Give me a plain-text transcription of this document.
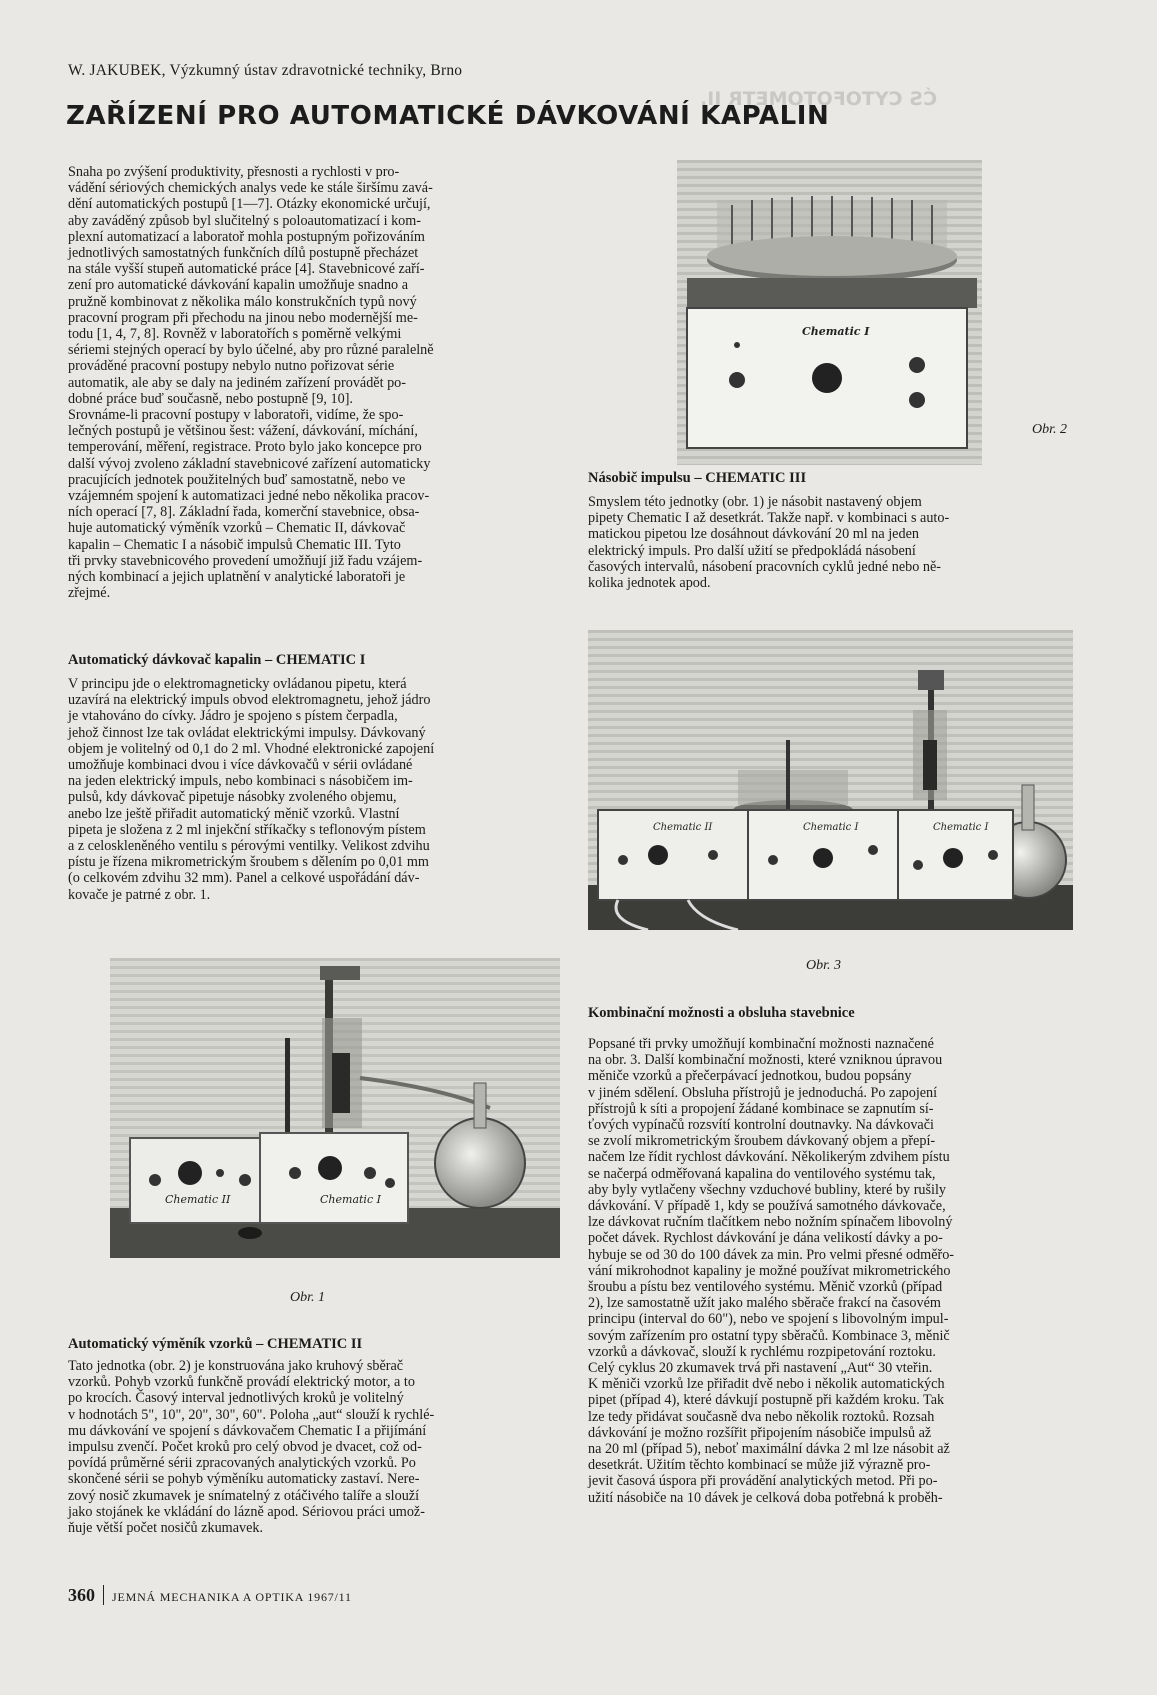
ĆS CYTOFOTOMETR II.
W. JAKUBEK, Výzkumný ústav zdravotnické techniky, Brno
ZAŘÍZENÍ PRO AUTOMATICKÉ DÁVKOVÁNÍ KAPALIN

Snaha po zvýšení produktivity, přesnosti a rychlosti v pro-

vádění sériových chemických analys vede ke stále širšímu zavá-

dění automatických postupů [1—7]. Otázky ekonomické určují,

aby zaváděný způsob byl slučitelný s poloautomatizací i kom-

plexní automatizací a laboratoř mohla postupným pořizováním

jednotlivých samostatných funkčních dílů postupně přecházet

na stále vyšší stupeň automatické práce [4]. Stavebnicové zaří-

zení pro automatické dávkování kapalin umožňuje snadno a

pružně kombinovat z několika málo konstrukčních typů nový

pracovní program při přechodu na jinou nebo modernější me-

todu [1, 4, 7, 8]. Rovněž v laboratořích s poměrně velkými

sériemi stejných operací by bylo účelné, aby pro různé paralelně

prováděné pracovní postupy nebylo nutno pořizovat série

automatik, ale aby se daly na jediném zařízení provádět po-

dobné práce buď současně, nebo postupně [9, 10].

Srovnáme-li pracovní postupy v laboratoři, vidíme, že spo-

lečných postupů je většinou šest: vážení, dávkování, míchání,

temperování, měření, registrace. Proto bylo jako koncepce pro

další vývoj zvoleno základní stavebnicové zařízení automaticky

pracujících jednotek použitelných buď samostatně, nebo ve

vzájemném spojení k automatizaci jedné nebo několika pracov-

ních operací [7, 8]. Základní řada, komerční stavebnice, obsa-

huje automatický výměník vzorků – Chematic II, dávkovač

kapalin – Chematic I a násobič impulsů Chematic III. Tyto

tři prvky stavebnicového provedení umožňují již řadu vzájem-

ných kombinací a jejich uplatnění v analytické laboratoři je

zřejmé.

Automatický dávkovač kapalin – CHEMATIC I

V principu jde o elektromagneticky ovládanou pipetu, která

uzavírá na elektrický impuls obvod elektromagnetu, jehož jádro

je vtahováno do cívky. Jádro je spojeno s pístem čerpadla,

jehož činnost lze tak ovládat elektrickými impulsy. Dávkovaný

objem je volitelný od 0,1 do 2 ml. Vhodné elektronické zapojení

umožňuje kombinaci dvou i více dávkovačů v sérii ovládané

na jeden elektrický impuls, nebo kombinaci s násobičem im-

pulsů, kdy dávkovač pipetuje násobky zvoleného objemu,

anebo lze ještě přiřadit automatický měnič vzorků. Vlastní

pipeta je složena z 2 ml injekční stříkačky s teflonovým pístem

a z celoskleněného ventilu s pérovými ventilky. Velikost zdvihu

pístu je řízena mikrometrickým šroubem s dělením po 0,01 mm

(o celkovém zdvihu 32 mm). Panel a celkové uspořádání dáv-

kovače je patrné z obr. 1.

Chematic II	Chematic I
Obr. 1
Automatický výměník vzorků – CHEMATIC II

Tato jednotka (obr. 2) je konstruována jako kruhový sběrač

vzorků. Pohyb vzorků funkčně provádí elektrický motor, a to

po krocích. Časový interval jednotlivých kroků je volitelný

v hodnotách 5", 10", 20", 30", 60". Poloha „aut“ slouží k rychlé-

mu dávkování ve spojení s dávkovačem Chematic I a přijímání

impulsu zvenčí. Počet kroků pro celý obvod je dvacet, což od-

povídá průměrné sérii zpracovaných analytických vzorků. Po

skončené sérii se pohyb výměníku automaticky zastaví. Nere-

zový nosič zkumavek je snímatelný z otáčivého talíře a slouží

jako stojánek ke vkládání do lázně apod. Sériovou práci umož-

ňuje větší počet nosičů zkumavek.

Chematic I
Obr. 2
Násobič impulsu – CHEMATIC III

Smyslem této jednotky (obr. 1) je násobit nastavený objem

pipety Chematic I až desetkrát. Takže např. v kombinaci s auto-

matickou pipetou lze dosáhnout dávkování 20 ml na jeden

elektrický impuls. Pro další užití se předpokládá násobení

časových intervalů, násobení pracovních cyklů jedné nebo ně-

kolika jednotek apod.

Chematic II	Chematic I	Chematic I
Obr. 3
Kombinační možnosti a obsluha stavebnice

Popsané tři prvky umožňují kombinační možnosti naznačené

na obr. 3. Další kombinační možnosti, které vzniknou úpravou

měniče vzorků a přečerpávací jednotkou, budou popsány

v jiném sdělení. Obsluha přístrojů je jednoduchá. Po zapojení

přístrojů k síti a propojení žádané kombinace se zapnutím sí-

ťových vypínačů rozsvítí kontrolní doutnavky. Na dávkovači

se zvolí mikrometrickým šroubem dávkovaný objem a přepí-

načem lze řídit rychlost dávkování. Několikerým zdvihem pístu

se načerpá odměřovaná kapalina do ventilového systému tak,

aby byly vytlačeny všechny vzduchové bubliny, které by rušily

dávkování. V případě 1, kdy se používá samotného dávkovače,

lze dávkovat ručním tlačítkem nebo nožním spínačem libovolný

počet dávek. Rychlost dávkování je dána velikostí dávky a po-

hybuje se od 30 do 100 dávek za min. Pro velmi přesné odměřo-

vání mikrohodnot kapaliny je možné používat mikrometrického

šroubu a pístu bez ventilového systému. Měnič vzorků (případ

2), lze samostatně užít jako malého sběrače frakcí na časovém

principu (interval do 60"), nebo ve spojení s libovolným impul-

sovým zařízením pro ostatní typy sběračů. Kombinace 3, měnič

vzorků a dávkovač, slouží k rychlému rozpipetování roztoku.

Celý cyklus 20 zkumavek trvá při nastavení „Aut“ 30 vteřin.

K měniči vzorků lze přiřadit dvě nebo i několik automatických

pipet (případ 4), které dávkují postupně při každém kroku. Tak

lze tedy přidávat současně dva nebo několik roztoků. Rozsah

dávkování je možno rozšířit připojením násobiče impulsů až

na 20 ml (případ 5), neboť maximální dávka 2 ml lze násobit až

desetkrát. Užitím těchto kombinací se může již výrazně pro-

jevit časová úspora při provádění analytických metod. Při po-

užití násobiče na 10 dávek je celková doba potřebná k proběh-

360 JEMNÁ MECHANIKA A OPTIKA 1967/11
